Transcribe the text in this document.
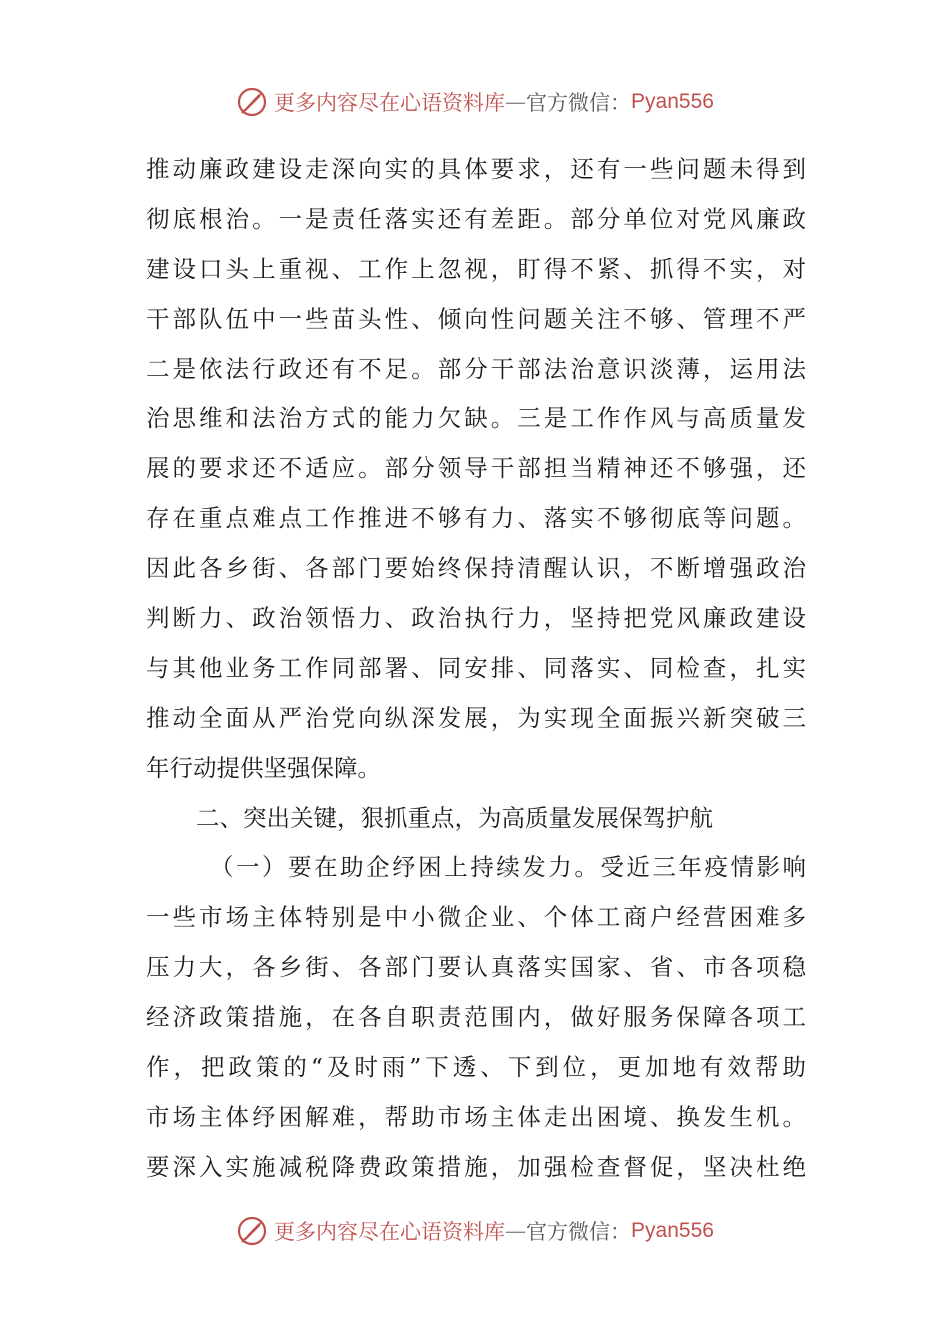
更多内容尽在心语资料库 — 官方微信： Pyan556
推动廉政建设走深向实的具体要求，还有一些问题未得到
彻底根治。一是责任落实还有差距。部分单位对党风廉政
建设口头上重视、工作上忽视，盯得不紧、抓得不实，对
干部队伍中一些苗头性、倾向性问题关注不够、管理不严
二是依法行政还有不足。部分干部法治意识淡薄，运用法
治思维和法治方式的能力欠缺。三是工作作风与高质量发
展的要求还不适应。部分领导干部担当精神还不够强，还
存在重点难点工作推进不够有力、落实不够彻底等问题。
因此各乡街、各部门要始终保持清醒认识，不断增强政治
判断力、政治领悟力、政治执行力，坚持把党风廉政建设
与其他业务工作同部署、同安排、同落实、同检查，扎实
推动全面从严治党向纵深发展，为实现全面振兴新突破三
年行动提供坚强保障。
二、突出关键，狠抓重点，为高质量发展保驾护航
（一）要在助企纾困上持续发力。受近三年疫情影响
一些市场主体特别是中小微企业、个体工商户经营困难多
压力大，各乡街、各部门要认真落实国家、省、市各项稳
经济政策措施，在各自职责范围内，做好服务保障各项工
作，把政策的“及时雨”下透、下到位，更加地有效帮助
市场主体纾困解难，帮助市场主体走出困境、换发生机。
要深入实施减税降费政策措施，加强检查督促，坚决杜绝
更多内容尽在心语资料库 — 官方微信： Pyan556
